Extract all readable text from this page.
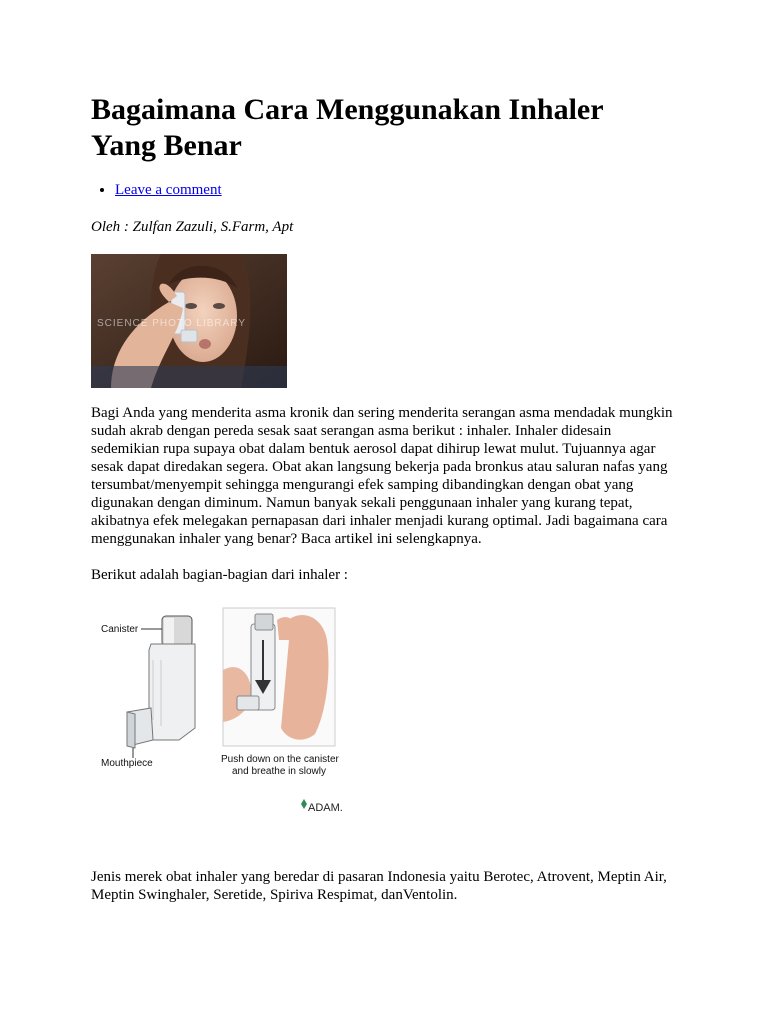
Bagaimana Cara Menggunakan Inhaler Yang Benar
• Leave a comment

Oleh : Zulfan Zazuli, S.Farm, Apt

SCIENCE PHOTO LIBRARY

Bagi Anda yang menderita asma kronik dan sering menderita serangan asma mendadak mungkin sudah akrab dengan pereda sesak saat serangan asma berikut : inhaler. Inhaler didesain sedemikian rupa supaya obat dalam bentuk aerosol dapat dihirup lewat mulut. Tujuannya agar sesak dapat diredakan segera. Obat akan langsung bekerja pada bronkus atau saluran nafas yang tersumbat/menyempit sehingga mengurangi efek samping dibandingkan dengan obat yang digunakan dengan diminum. Namun banyak sekali penggunaan inhaler yang kurang tepat, akibatnya efek melegakan pernapasan dari inhaler menjadi kurang optimal. Jadi bagaimana cara menggunakan inhaler yang benar? Baca artikel ini selengkapnya.

Berikut adalah bagian-bagian dari inhaler :

Canister
Mouthpiece	Push down on the canister
and breathe in slowly
ADAM.

Jenis merek obat inhaler yang beredar di pasaran Indonesia yaitu Berotec, Atrovent, Meptin Air, Meptin Swinghaler, Seretide, Spiriva Respimat, danVentolin.
